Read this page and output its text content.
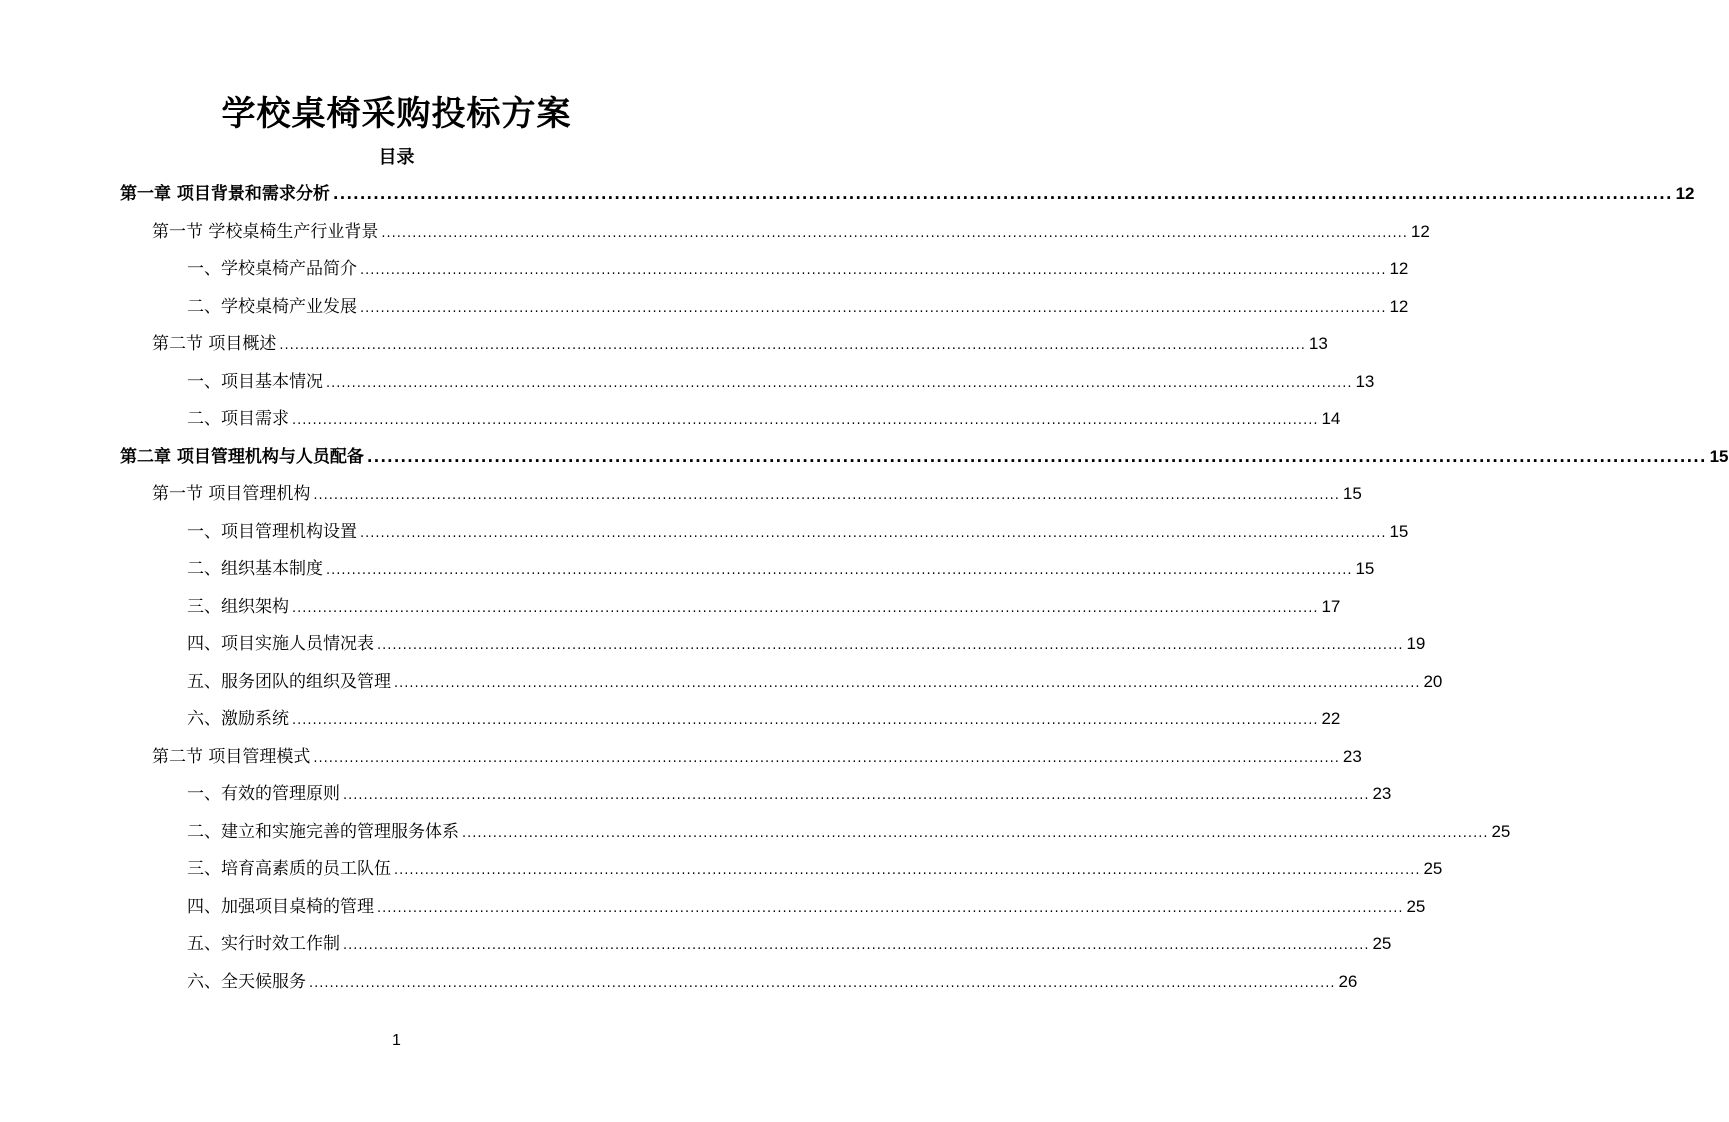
学校桌椅采购投标方案
目录
第一章 项目背景和需求分析 ........................................................................................................................................................................................................ 12
第一节 学校桌椅生产行业背景 ........................................................................................................................................................................................................ 12
一、学校桌椅产品简介 ........................................................................................................................................................................................................ 12
二、学校桌椅产业发展 ........................................................................................................................................................................................................ 12
第二节 项目概述 ........................................................................................................................................................................................................ 13
一、项目基本情况 ........................................................................................................................................................................................................ 13
二、项目需求 ........................................................................................................................................................................................................ 14
第二章 项目管理机构与人员配备 ........................................................................................................................................................................................................ 15
第一节 项目管理机构 ........................................................................................................................................................................................................ 15
一、项目管理机构设置 ........................................................................................................................................................................................................ 15
二、组织基本制度 ........................................................................................................................................................................................................ 15
三、组织架构 ........................................................................................................................................................................................................ 17
四、项目实施人员情况表 ........................................................................................................................................................................................................ 19
五、服务团队的组织及管理 ........................................................................................................................................................................................................ 20
六、激励系统 ........................................................................................................................................................................................................ 22
第二节 项目管理模式 ........................................................................................................................................................................................................ 23
一、有效的管理原则 ........................................................................................................................................................................................................ 23
二、建立和实施完善的管理服务体系 ........................................................................................................................................................................................................ 25
三、培育高素质的员工队伍 ........................................................................................................................................................................................................ 25
四、加强项目桌椅的管理 ........................................................................................................................................................................................................ 25
五、实行时效工作制 ........................................................................................................................................................................................................ 25
六、全天候服务 ........................................................................................................................................................................................................ 26
1
